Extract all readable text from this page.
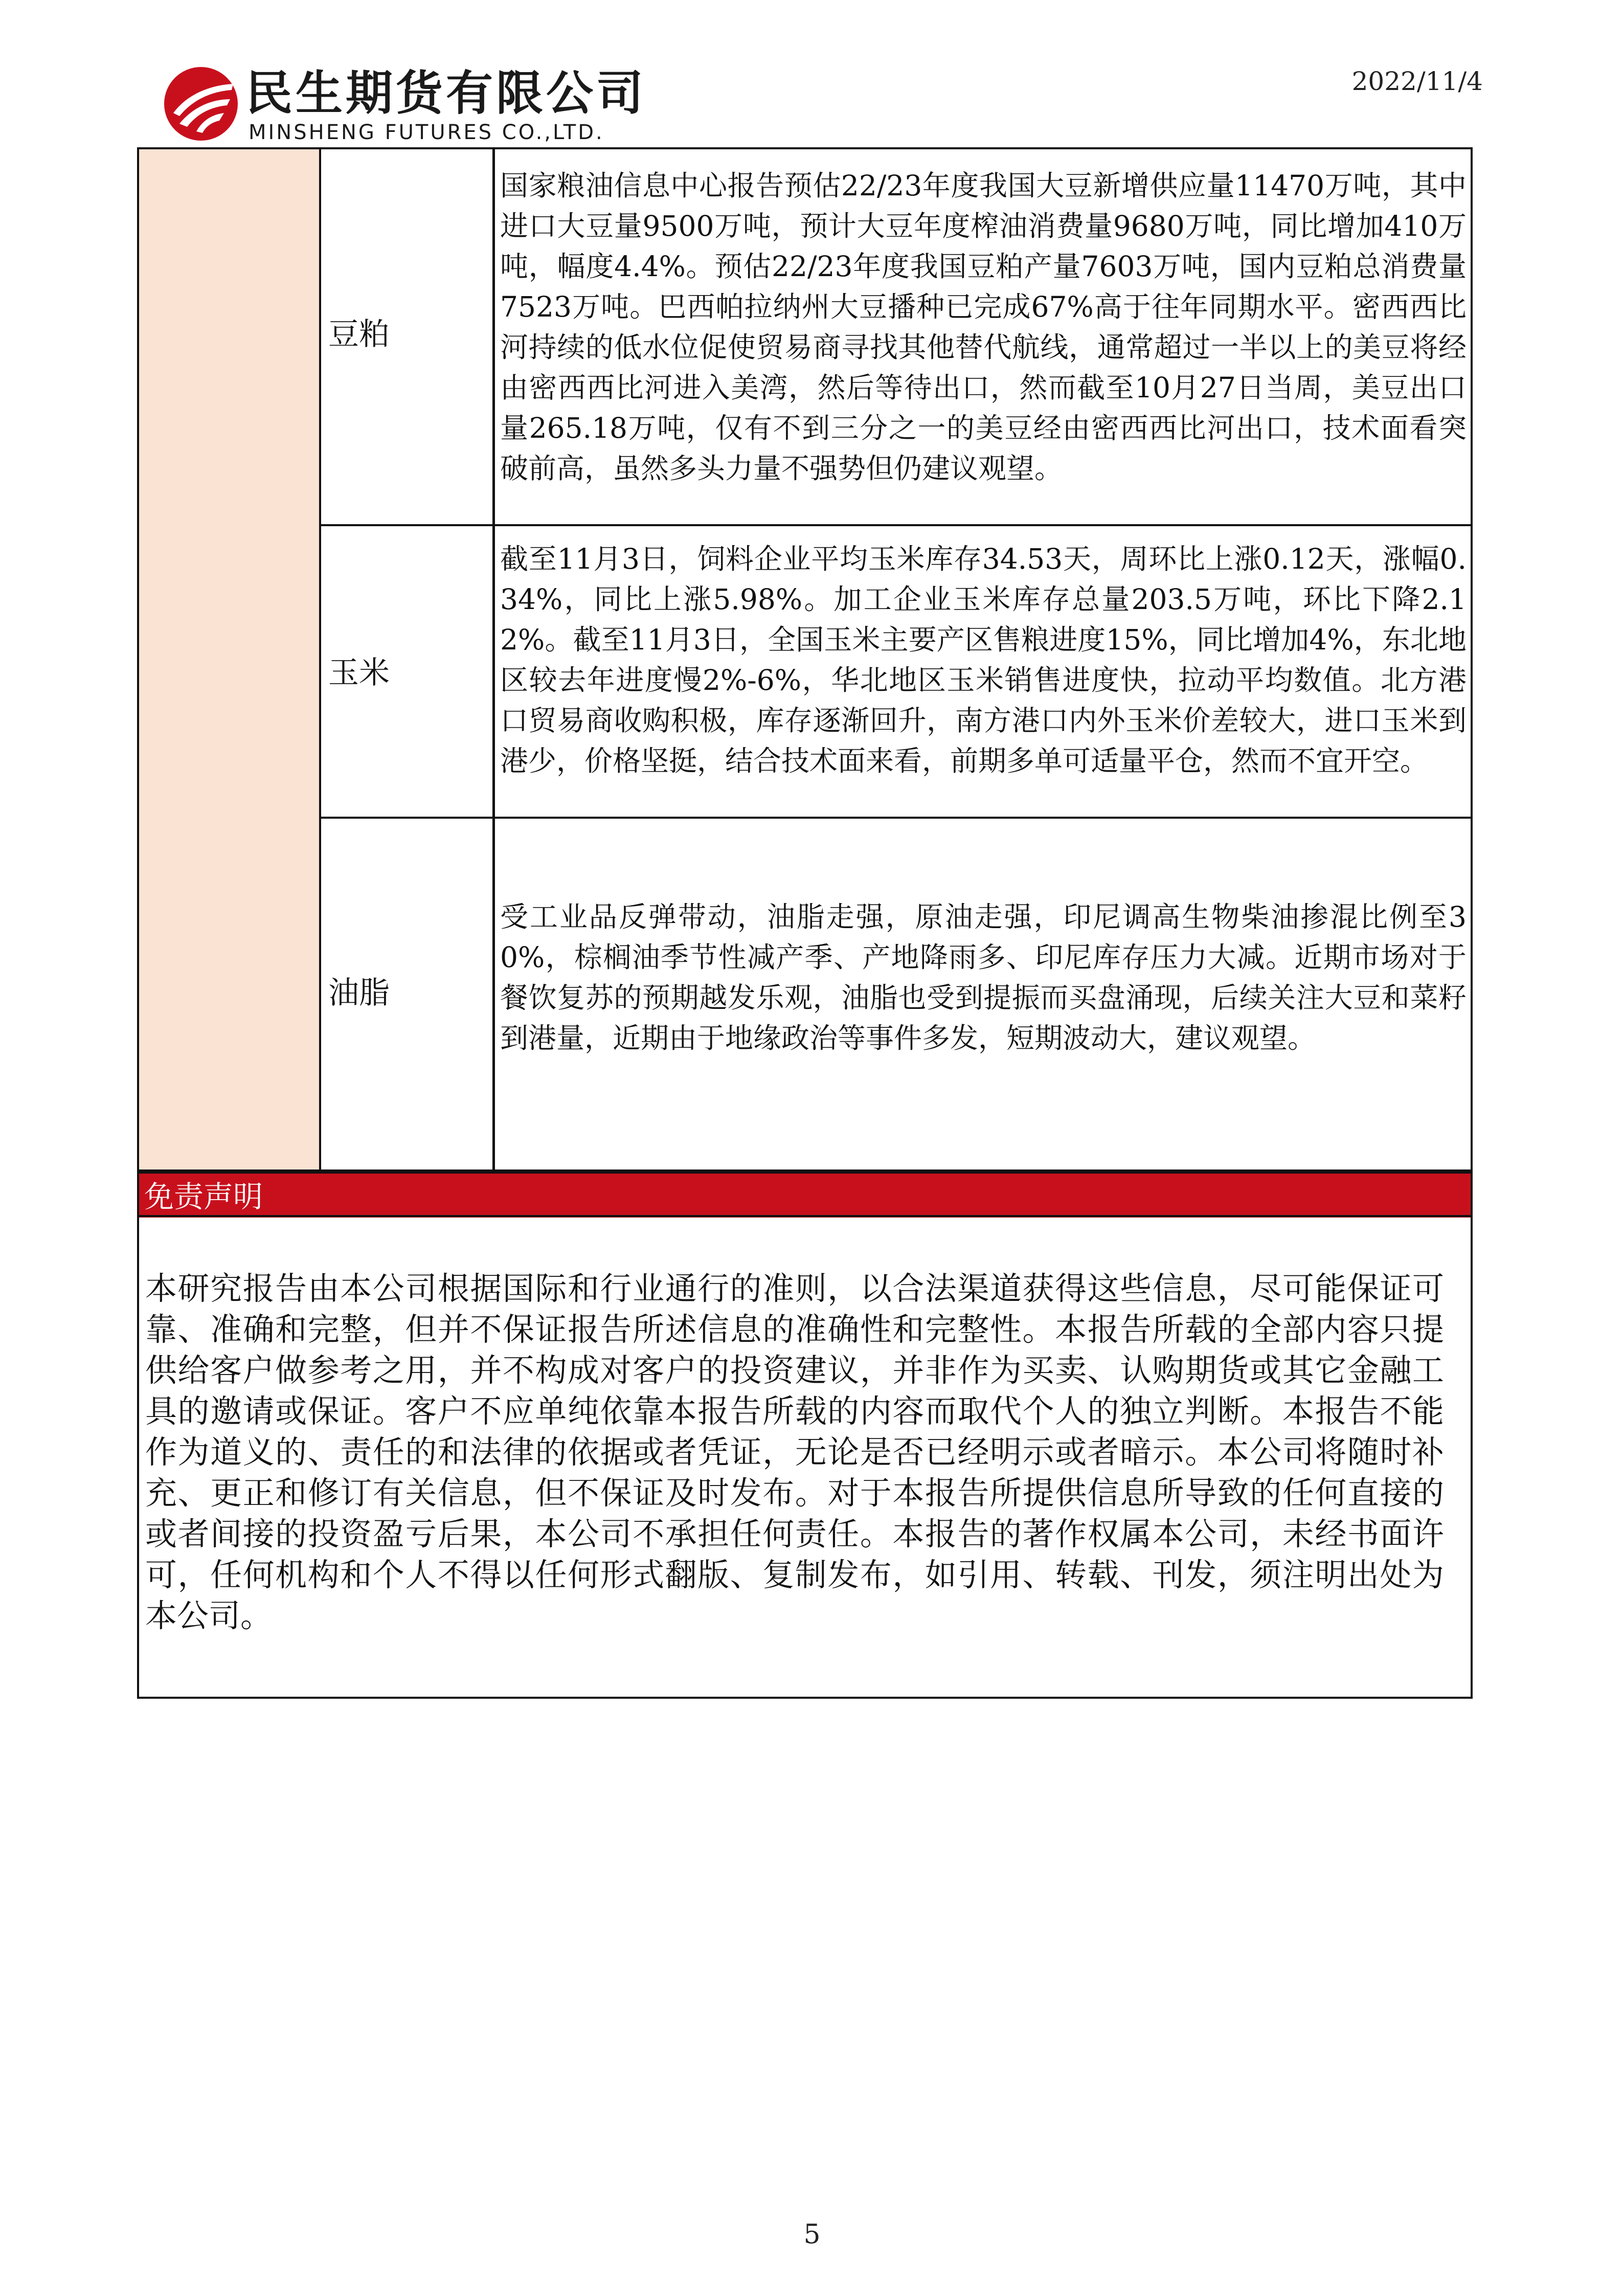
民生期货有限公司
MINSHENG FUTURES CO.,LTD.
2022/11/4
豆粕
国家粮油信息中心报告预估22/23年度我国大豆新增供应量11470万吨，其中进口大豆量9500万吨，预计大豆年度榨油消费量9680万吨，同比增加410万吨，幅度4.4%。预估22/23年度我国豆粕产量7603万吨，国内豆粕总消费量7523万吨。巴西帕拉纳州大豆播种已完成67%高于往年同期水平。密西西比河持续的低水位促使贸易商寻找其他替代航线，通常超过一半以上的美豆将经由密西西比河进入美湾，然后等待出口，然而截至10月27日当周，美豆出口量265.18万吨，仅有不到三分之一的美豆经由密西西比河出口，技术面看突破前高，虽然多头力量不强势但仍建议观望。
玉米
截至11月3日，饲料企业平均玉米库存34.53天，周环比上涨0.12天，涨幅0.34%，同比上涨5.98%。加工企业玉米库存总量203.5万吨，环比下降2.12%。截至11月3日，全国玉米主要产区售粮进度15%，同比增加4%，东北地区较去年进度慢2%-6%，华北地区玉米销售进度快，拉动平均数值。北方港口贸易商收购积极，库存逐渐回升，南方港口内外玉米价差较大，进口玉米到港少，价格坚挺，结合技术面来看，前期多单可适量平仓，然而不宜开空。
油脂
受工业品反弹带动，油脂走强，原油走强，印尼调高生物柴油掺混比例至30%，棕榈油季节性减产季、产地降雨多、印尼库存压力大减。近期市场对于餐饮复苏的预期越发乐观，油脂也受到提振而买盘涌现，后续关注大豆和菜籽到港量，近期由于地缘政治等事件多发，短期波动大，建议观望。
免责声明
本研究报告由本公司根据国际和行业通行的准则，以合法渠道获得这些信息，尽可能保证可靠、准确和完整，但并不保证报告所述信息的准确性和完整性。本报告所载的全部内容只提供给客户做参考之用，并不构成对客户的投资建议，并非作为买卖、认购期货或其它金融工具的邀请或保证。客户不应单纯依靠本报告所载的内容而取代个人的独立判断。本报告不能作为道义的、责任的和法律的依据或者凭证，无论是否已经明示或者暗示。本公司将随时补充、更正和修订有关信息，但不保证及时发布。对于本报告所提供信息所导致的任何直接的或者间接的投资盈亏后果，本公司不承担任何责任。本报告的著作权属本公司，未经书面许可，任何机构和个人不得以任何形式翻版、复制发布，如引用、转载、刊发，须注明出处为本公司。
5
